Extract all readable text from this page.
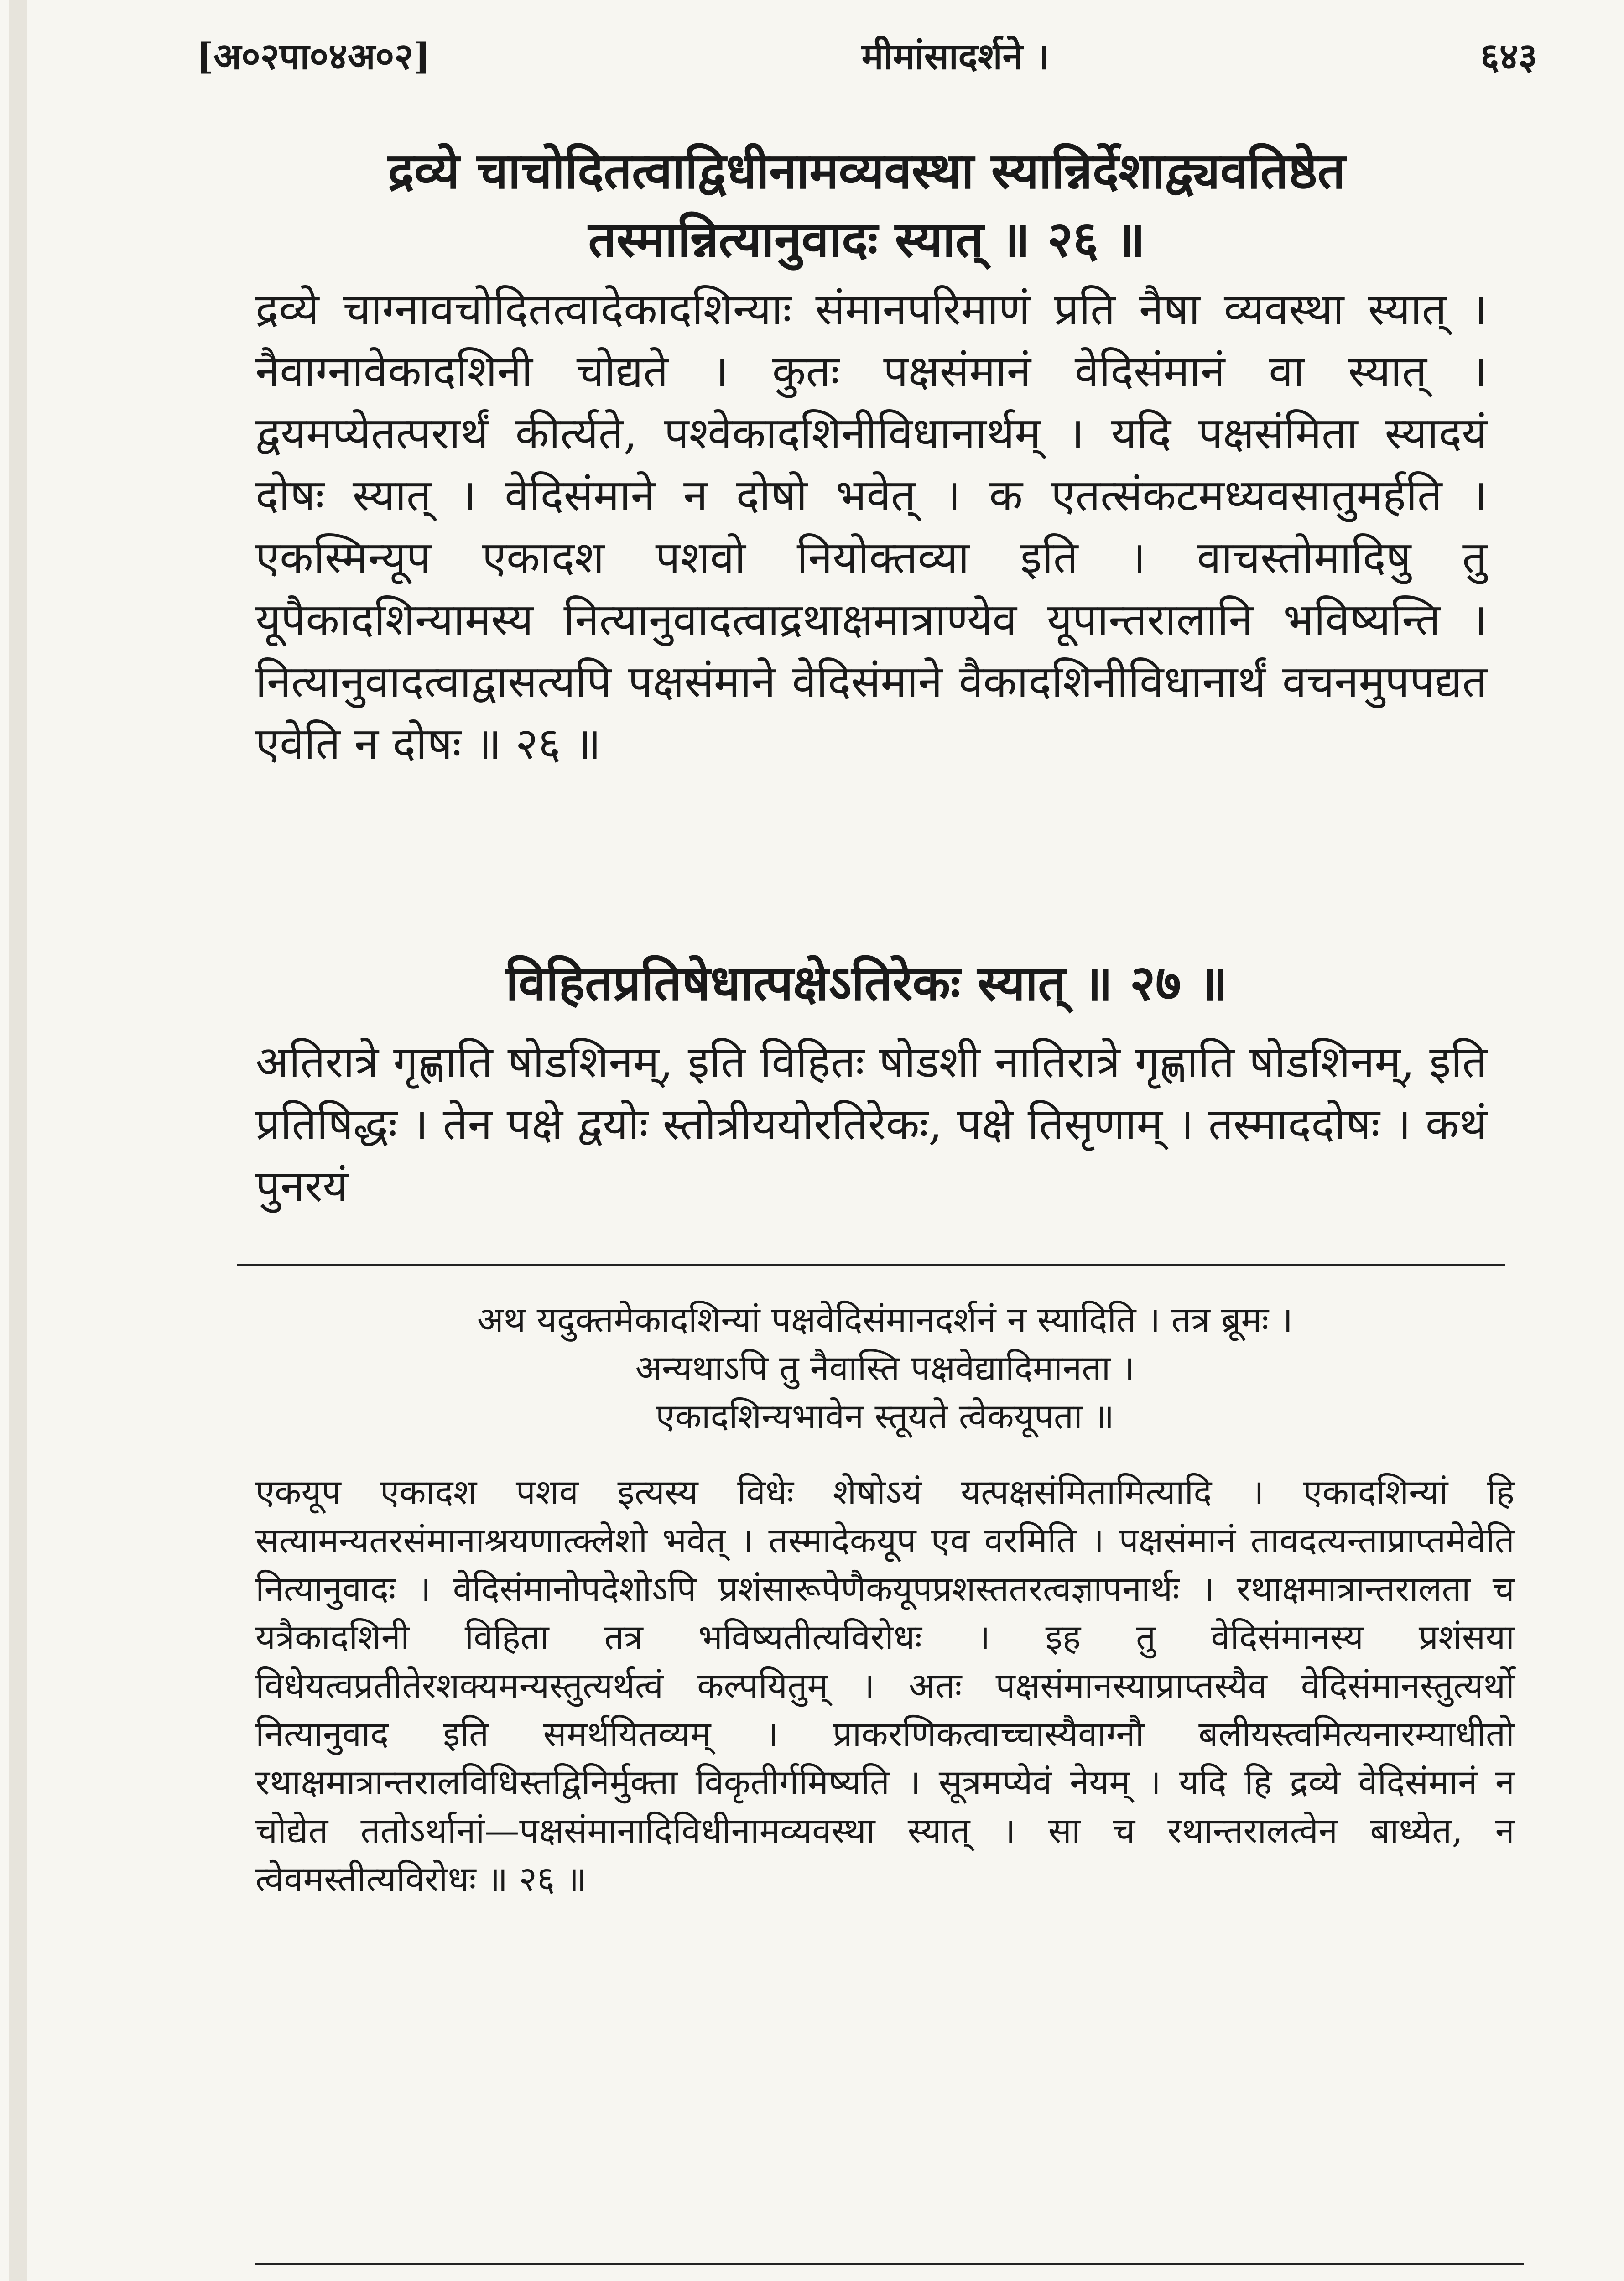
[अ०२पा०४अ०२]	मीमांसादर्शने ।	६४३
द्रव्ये चाचोदितत्वाद्विधीनामव्यवस्था स्यान्निर्देशाद्व्यवतिष्ठेत तस्मान्नित्यानुवादः स्यात् ॥ २६ ॥
द्रव्ये चाग्नावचोदितत्वादेकादशिन्याः संमानपरिमाणं प्रति नैषा व्यवस्था स्यात् । नैवाग्नावेकादशिनी चोद्यते । कुतः पक्षसंमानं वेदिसंमानं वा स्यात् । द्वयमप्येतत्परार्थं कीर्त्यते, पश्वेकादशिनीविधानार्थम् । यदि पक्षसंमिता स्यादयं दोषः स्यात् । वेदिसंमाने न दोषो भवेत् । क एतत्संकटमध्यवसातुमर्हति । एकस्मिन्यूप एकादश पशवो नियोक्तव्या इति । वाचस्तोमादिषु तु यूपैकादशिन्यामस्य नित्यानुवादत्वाद्रथाक्षमात्राण्येव यूपान्तरालानि भविष्यन्ति । नित्यानुवादत्वाद्वासत्यपि पक्षसंमाने वेदिसंमाने वैकादशिनीविधानार्थं वचनमुपपद्यत एवेति न दोषः ॥ २६ ॥
विहितप्रतिषेधात्पक्षेऽतिरेकः स्यात् ॥ २७ ॥
अतिरात्रे गृह्णाति षोडशिनम्, इति विहितः षोडशी नातिरात्रे गृह्णाति षोडशिनम्, इति प्रतिषिद्धः । तेन पक्षे द्वयोः स्तोत्रीययोरतिरेकः, पक्षे तिसृणाम् । तस्माददोषः । कथं पुनरयं
अथ यदुक्तमेकादशिन्यां पक्षवेदिसंमानदर्शनं न स्यादिति । तत्र ब्रूमः ।
अन्यथाऽपि तु नैवास्ति पक्षवेद्यादिमानता ।
एकादशिन्यभावेन स्तूयते त्वेकयूपता ॥
एकयूप एकादश पशव इत्यस्य विधेः शेषोऽयं यत्पक्षसंमितामित्यादि । एकादशिन्यां हि सत्यामन्यतरसंमानाश्रयणात्क्लेशो भवेत् । तस्मादेकयूप एव वरमिति । पक्षसंमानं तावदत्यन्ताप्राप्तमेवेति नित्यानुवादः । वेदिसंमानोपदेशोऽपि प्रशंसारूपेणैकयूपप्रशस्ततरत्वज्ञापनार्थः । रथाक्षमात्रान्तरालता च यत्रैकादशिनी विहिता तत्र भविष्यतीत्यविरोधः । इह तु वेदिसंमानस्य प्रशंसया विधेयत्वप्रतीतेरशक्यमन्यस्तुत्यर्थत्वं कल्पयितुम् । अतः पक्षसंमानस्याप्राप्तस्यैव वेदिसंमानस्तुत्यर्थो नित्यानुवाद इति समर्थयितव्यम् । प्राकरणिकत्वाच्चास्यैवाग्नौ बलीयस्त्वमित्यनारम्याधीतो रथाक्षमात्रान्तरालविधिस्तद्विनिर्मुक्ता विकृतीर्गमिष्यति । सूत्रमप्येवं नेयम् । यदि हि द्रव्ये वेदिसंमानं न चोद्येत ततोऽर्थानां—पक्षसंमानादिविधीनामव्यवस्था स्यात् । सा च रथान्तरालत्वेन बाध्येत, न त्वेवमस्तीत्यविरोधः ॥ २६ ॥
